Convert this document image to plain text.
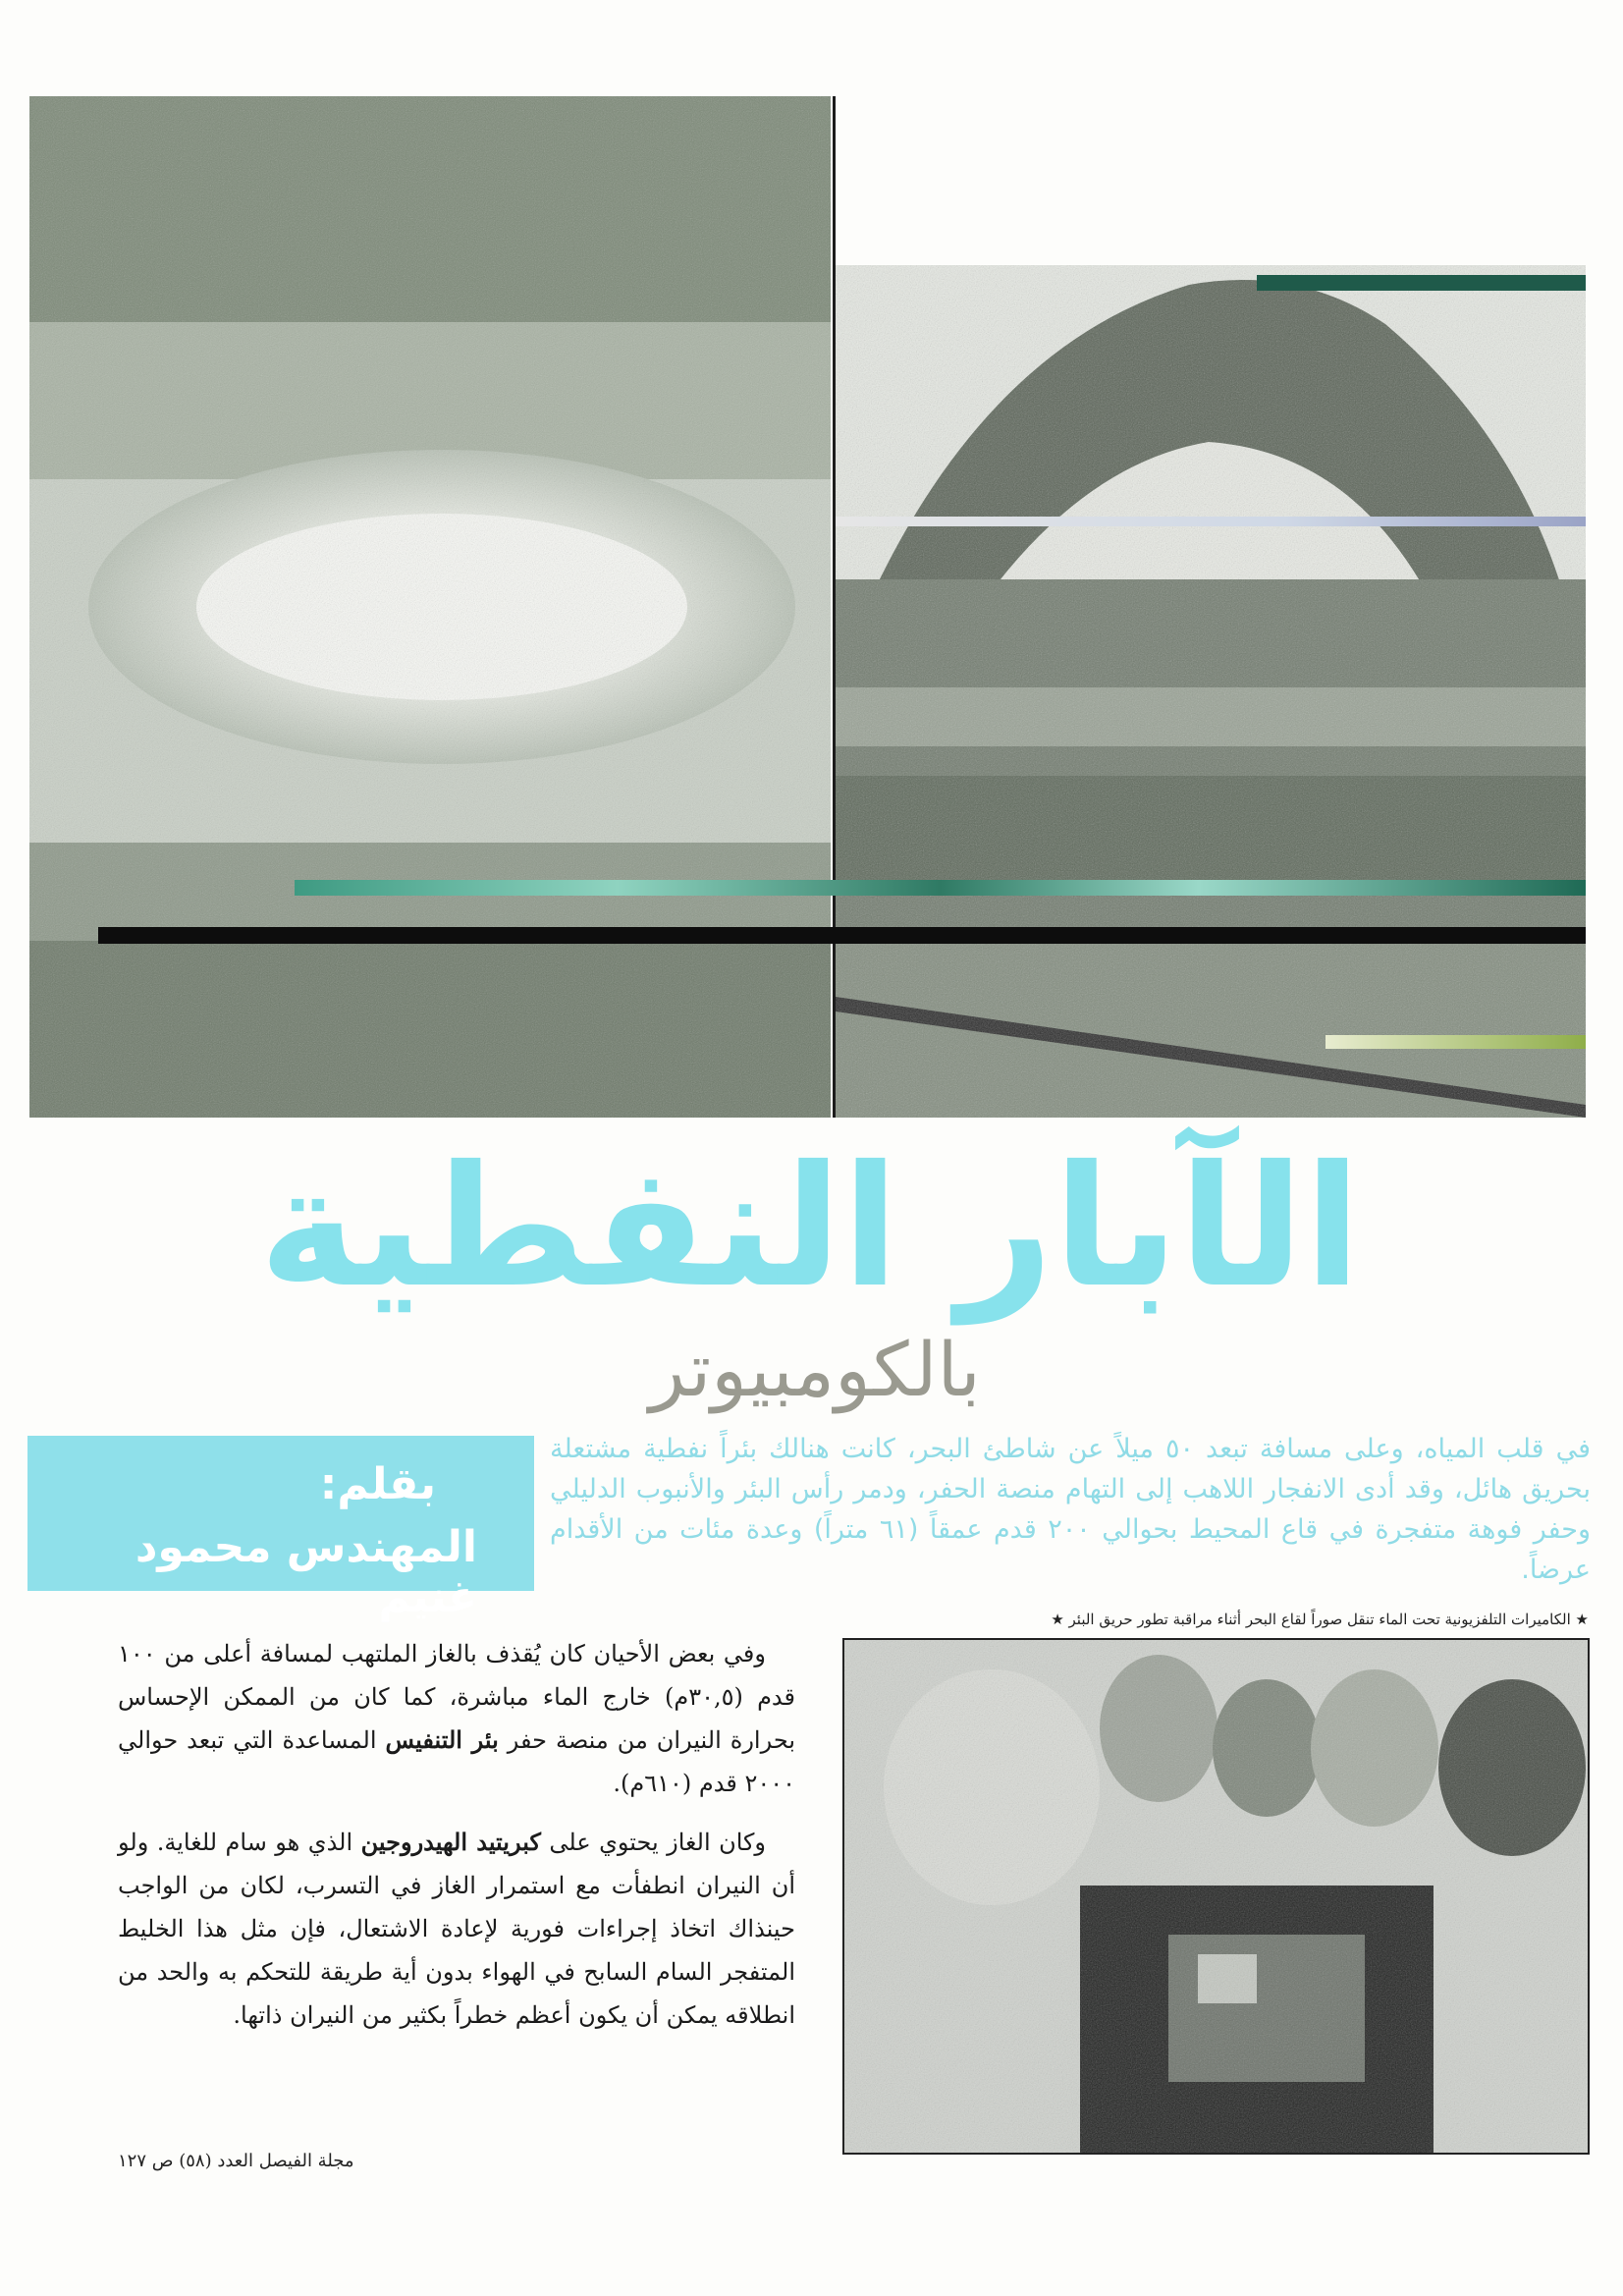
الآبار النفطية
بالكومبيوتر
بقلم:
المهندس محمود غنيم

في قلب المياه، وعلى مسافة تبعد ٥٠ ميلاً عن شاطئ البحر، كانت هنالك بئراً نفطية مشتعلة بحريق هائل، وقد أدى الانفجار اللاهب إلى التهام منصة الحفر، ودمر رأس البئر والأنبوب الدليلي وحفر فوهة متفجرة في قاع المحيط بحوالي ٢٠٠ قدم عمقاً (٦١ متراً) وعدة مئات من الأقدام عرضاً.

★ الكاميرات التلفزيونية تحت الماء تنقل صوراً لقاع البحر أثناء مراقبة تطور حريق البئر ★

وفي بعض الأحيان كان يُقذف بالغاز الملتهب لمسافة أعلى من ١٠٠ قدم (٣٠,٥م) خارج الماء مباشرة، كما كان من الممكن الإحساس بحرارة النيران من منصة حفر بئر التنفيس المساعدة التي تبعد حوالي ٢٠٠٠ قدم (٦١٠م).

وكان الغاز يحتوي على كبريتيد الهيدروجين الذي هو سام للغاية. ولو أن النيران انطفأت مع استمرار الغاز في التسرب، لكان من الواجب حينذاك اتخاذ إجراءات فورية لإعادة الاشتعال، فإن مثل هذا الخليط المتفجر السام السابح في الهواء بدون أية طريقة للتحكم به والحد من انطلاقه يمكن أن يكون أعظم خطراً بكثير من النيران ذاتها.

مجلة الفيصل العدد (٥٨) ص ١٢٧
